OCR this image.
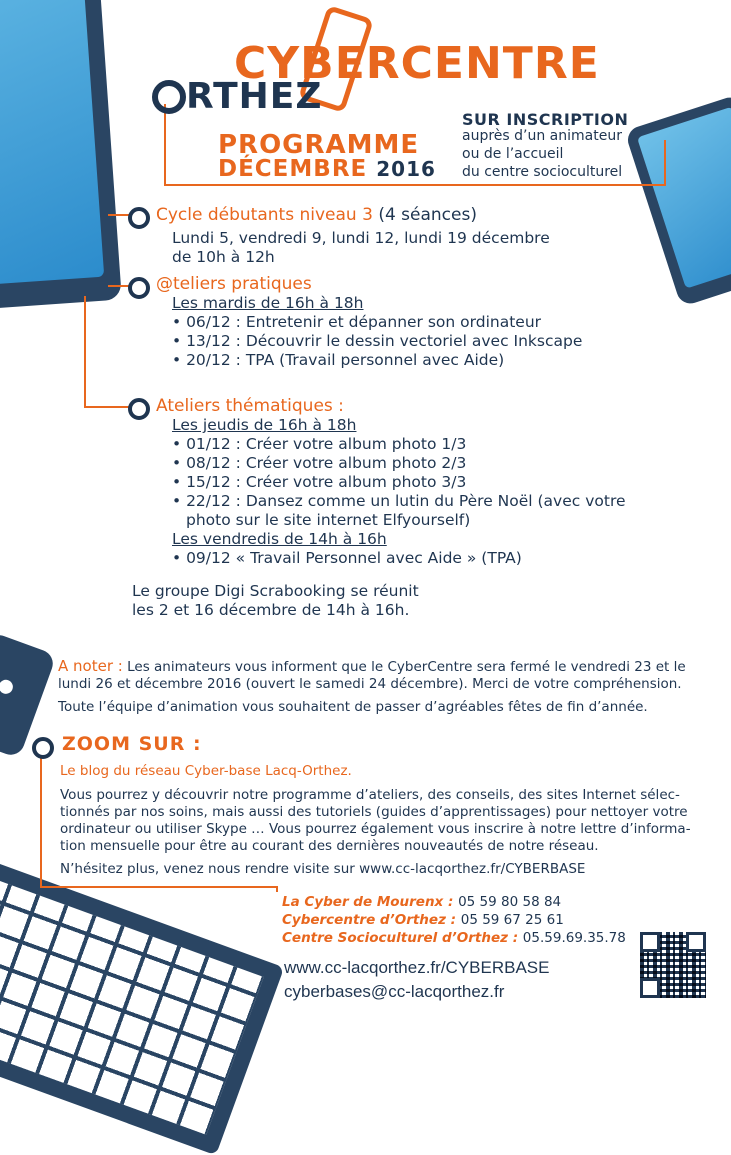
CYBERCENTRE
RTHEZ
PROGRAMME
DÉCEMBRE 2016
SUR INSCRIPTION
auprès d’un animateur
ou de l’accueil
du centre socioculturel
Cycle débutants niveau 3 (4 séances)
Lundi 5, vendredi 9, lundi 12, lundi 19 décembre
de 10h à 12h
@teliers pratiques
Les mardis de 16h à 18h
• 06/12 : Entretenir et dépanner son ordinateur
• 13/12 : Découvrir le dessin vectoriel avec Inkscape
• 20/12 : TPA (Travail personnel avec Aide)
Ateliers thématiques :
Les jeudis de 16h à 18h
• 01/12 : Créer votre album photo 1/3
• 08/12 : Créer votre album photo 2/3
• 15/12 : Créer votre album photo 3/3
• 22/12 : Dansez comme un lutin du Père Noël (avec votre
photo sur le site internet Elfyourself)
Les vendredis de 14h à 16h
• 09/12 « Travail Personnel avec Aide » (TPA)
Le groupe Digi Scrabooking se réunit
les 2 et 16 décembre de 14h à 16h.
A noter : Les animateurs vous informent que le CyberCentre sera fermé le vendredi 23 et le
lundi 26 et décembre 2016 (ouvert le samedi 24 décembre). Merci de votre compréhension.
Toute l’équipe d’animation vous souhaitent de passer d’agréables fêtes de fin d’année.
ZOOM SUR :
Le blog du réseau Cyber-base Lacq-Orthez.
Vous pourrez y découvrir notre programme d’ateliers, des conseils, des sites Internet sélec-
tionnés par nos soins, mais aussi des tutoriels (guides d’apprentissages) pour nettoyer votre
ordinateur ou utiliser Skype … Vous pourrez également vous inscrire à notre lettre d’informa-
tion mensuelle pour être au courant des dernières nouveautés de notre réseau.
N’hésitez plus, venez nous rendre visite sur www.cc-lacqorthez.fr/CYBERBASE
La Cyber de Mourenx : 05 59 80 58 84
Cybercentre d’Orthez : 05 59 67 25 61
Centre Socioculturel d’Orthez : 05.59.69.35.78
www.cc-lacqorthez.fr/CYBERBASE
cyberbases@cc-lacqorthez.fr
